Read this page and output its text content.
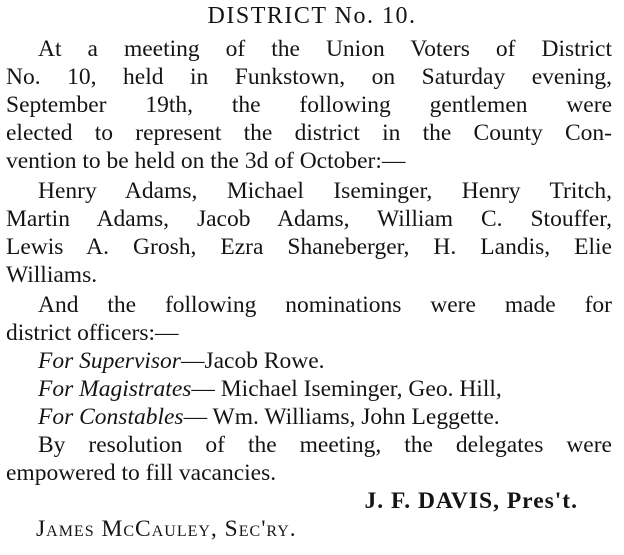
DISTRICT No. 10.
At a meeting of the Union Voters of District
No. 10, held in Funkstown, on Saturday evening,
September 19th, the following gentlemen were
elected to represent the district in the County Con-
vention to be held on the 3d of October:—
Henry Adams, Michael Iseminger, Henry Tritch,
Martin Adams, Jacob Adams, William C. Stouffer,
Lewis A. Grosh, Ezra Shaneberger, H. Landis, Elie
Williams.
And the following nominations were made for
district officers:—
For Supervisor—Jacob Rowe.
For Magistrates— Michael Iseminger, Geo. Hill,
For Constables— Wm. Williams, John Leggette.
By resolution of the meeting, the delegates were
empowered to fill vacancies.
J. F. DAVIS, Pres't.
James McCauley, Sec'ry.
